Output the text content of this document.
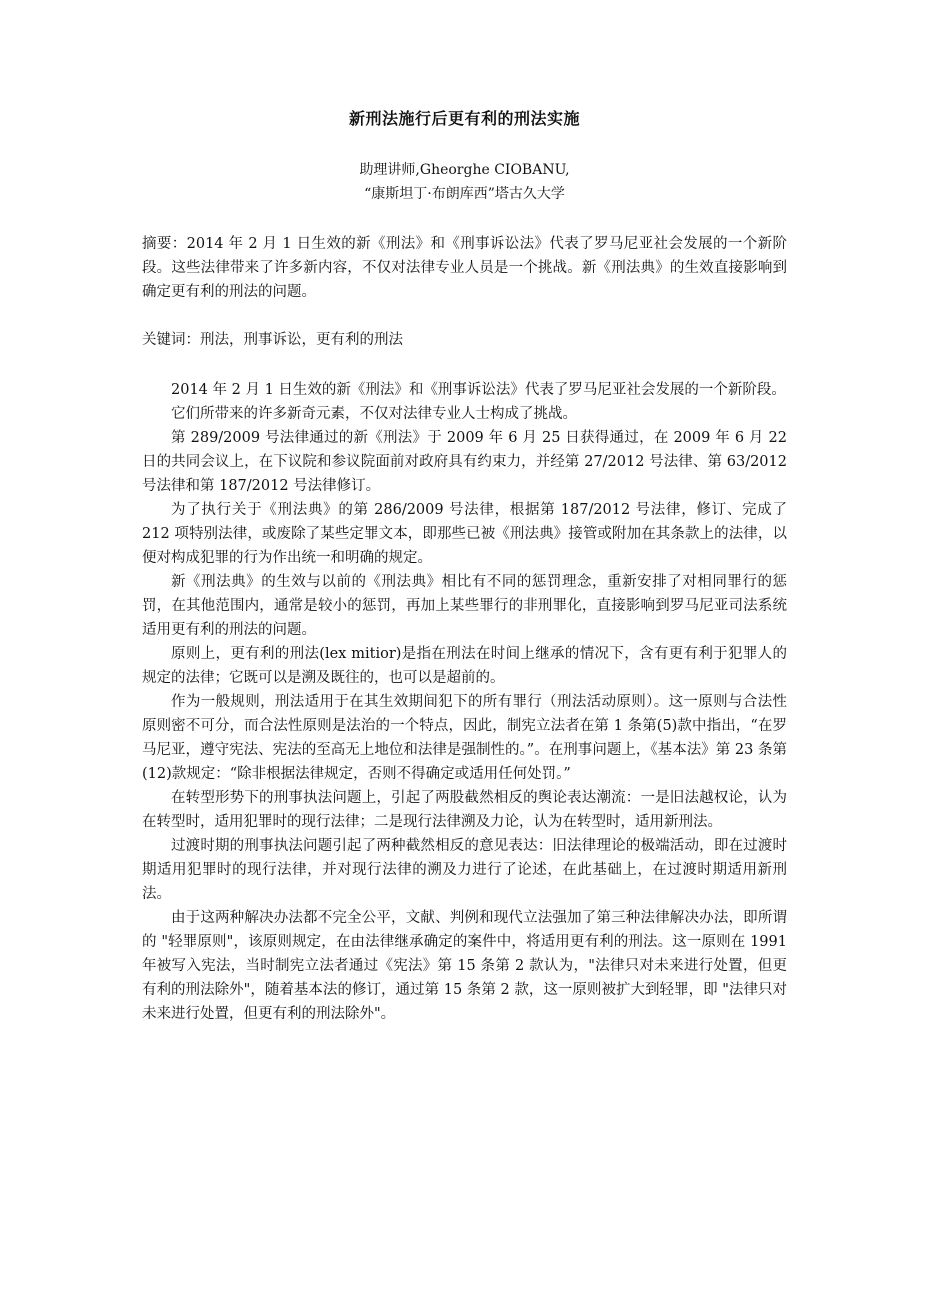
新刑法施行后更有利的刑法实施
助理讲师,Gheorghe CIOBANU,
“康斯坦丁·布朗库西”塔古久大学

摘要：2014 年 2 月 1 日生效的新《刑法》和《刑事诉讼法》代表了罗马尼亚社会发展的一个新阶段。这些法律带来了许多新内容，不仅对法律专业人员是一个挑战。新《刑法典》的生效直接影响到确定更有利的刑法的问题。

关键词：刑法，刑事诉讼，更有利的刑法

2014 年 2 月 1 日生效的新《刑法》和《刑事诉讼法》代表了罗马尼亚社会发展的一个新阶段。

它们所带来的许多新奇元素，不仅对法律专业人士构成了挑战。

第 289/2009 号法律通过的新《刑法》于 2009 年 6 月 25 日获得通过，在 2009 年 6 月 22 日的共同会议上，在下议院和参议院面前对政府具有约束力，并经第 27/2012 号法律、第 63/2012 号法律和第 187/2012 号法律修订。

为了执行关于《刑法典》的第 286/2009 号法律，根据第 187/2012 号法律，修订、完成了 212 项特别法律，或废除了某些定罪文本，即那些已被《刑法典》接管或附加在其条款上的法律，以便对构成犯罪的行为作出统一和明确的规定。

新《刑法典》的生效与以前的《刑法典》相比有不同的惩罚理念，重新安排了对相同罪行的惩罚，在其他范围内，通常是较小的惩罚，再加上某些罪行的非刑罪化，直接影响到罗马尼亚司法系统适用更有利的刑法的问题。

原则上，更有利的刑法(lex mitior)是指在刑法在时间上继承的情况下，含有更有利于犯罪人的规定的法律；它既可以是溯及既往的，也可以是超前的。

作为一般规则，刑法适用于在其生效期间犯下的所有罪行（刑法活动原则）。这一原则与合法性原则密不可分，而合法性原则是法治的一个特点，因此，制宪立法者在第 1 条第(5)款中指出，“在罗马尼亚，遵守宪法、宪法的至高无上地位和法律是强制性的。”。在刑事问题上，《基本法》第 23 条第(12)款规定：“除非根据法律规定，否则不得确定或适用任何处罚。”

在转型形势下的刑事执法问题上，引起了两股截然相反的舆论表达潮流：一是旧法越权论，认为在转型时，适用犯罪时的现行法律；二是现行法律溯及力论，认为在转型时，适用新刑法。

过渡时期的刑事执法问题引起了两种截然相反的意见表达：旧法律理论的极端活动，即在过渡时期适用犯罪时的现行法律，并对现行法律的溯及力进行了论述，在此基础上，在过渡时期适用新刑法。

由于这两种解决办法都不完全公平，文献、判例和现代立法强加了第三种法律解决办法，即所谓的 "轻罪原则"，该原则规定，在由法律继承确定的案件中，将适用更有利的刑法。这一原则在 1991 年被写入宪法，当时制宪立法者通过《宪法》第 15 条第 2 款认为，"法律只对未来进行处置，但更有利的刑法除外"，随着基本法的修订，通过第 15 条第 2 款，这一原则被扩大到轻罪，即 "法律只对未来进行处置，但更有利的刑法除外"。
